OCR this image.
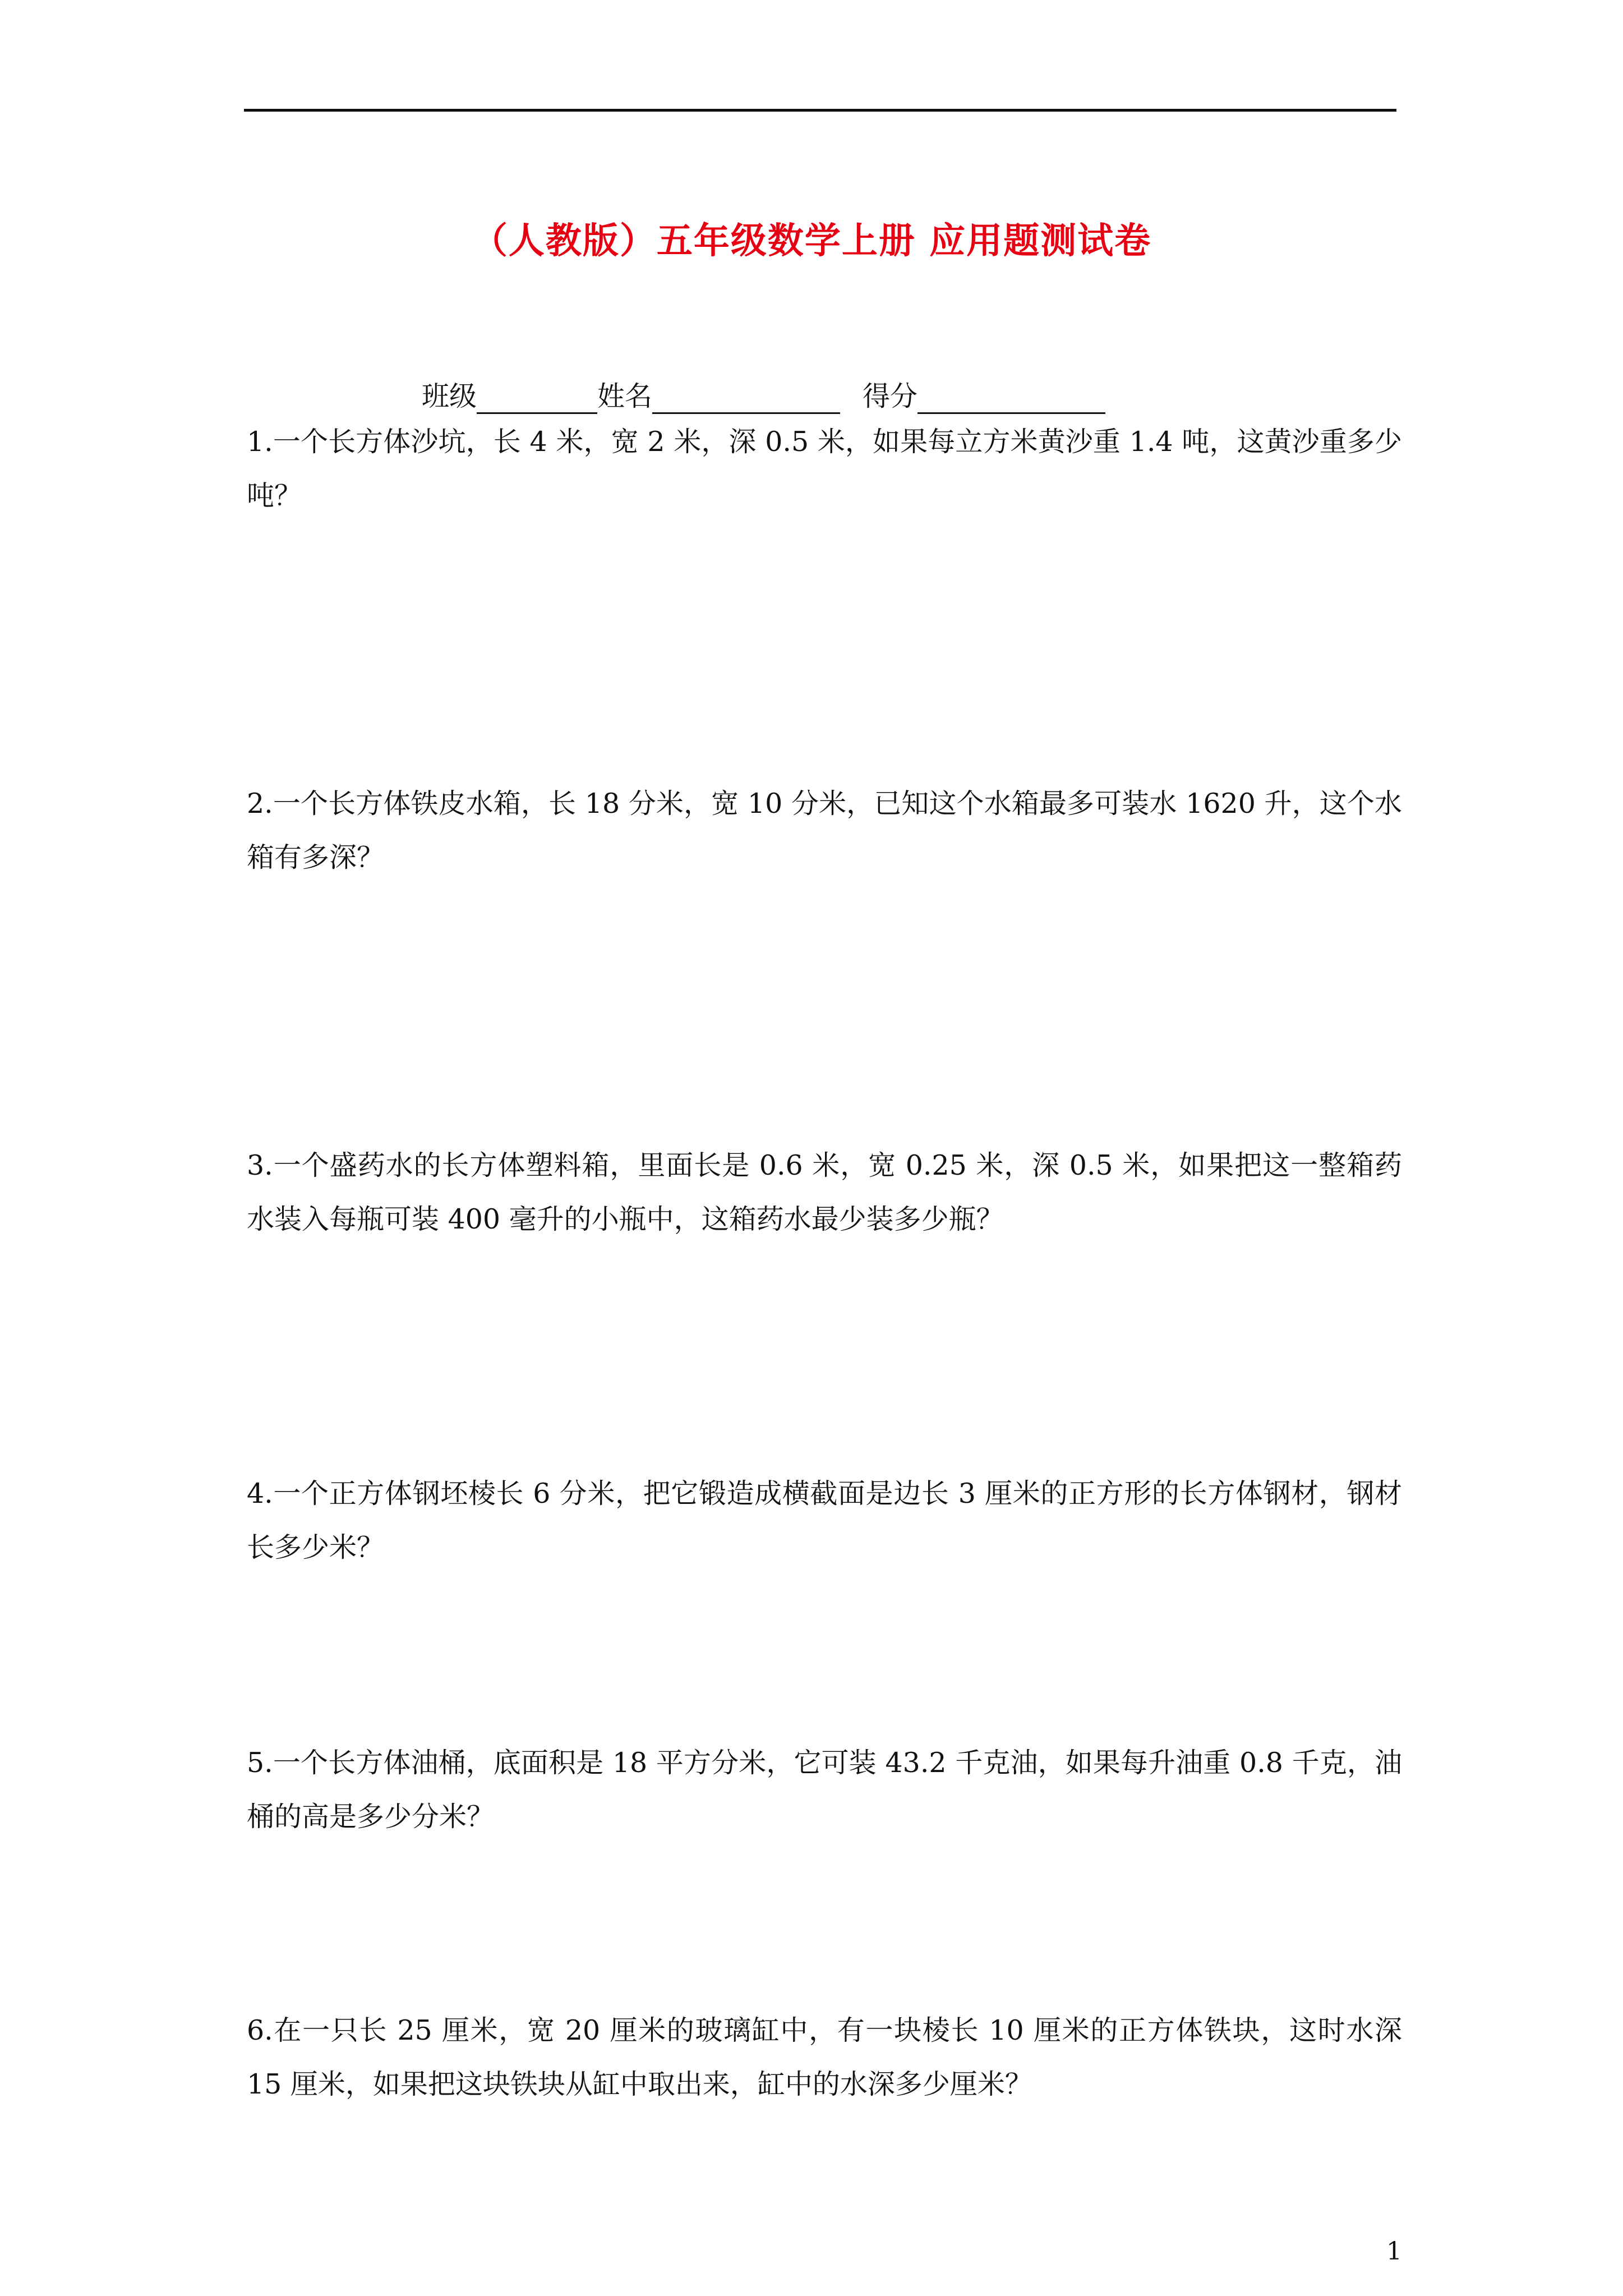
（人教版）五年级数学上册 应用题测试卷
班级	姓名	得分

1.一个长方体沙坑，长 4 米，宽 2 米，深 0.5 米，如果每立方米黄沙重 1.4 吨，这黄沙重多少吨？

2.一个长方体铁皮水箱，长 18 分米，宽 10 分米，已知这个水箱最多可装水 1620 升，这个水箱有多深？

3.一个盛药水的长方体塑料箱，里面长是 0.6 米，宽 0.25 米，深 0.5 米，如果把这一整箱药水装入每瓶可装 400 毫升的小瓶中，这箱药水最少装多少瓶？

4.一个正方体钢坯棱长 6 分米，把它锻造成横截面是边长 3 厘米的正方形的长方体钢材，钢材长多少米？

5.一个长方体油桶，底面积是 18 平方分米，它可装 43.2 千克油，如果每升油重 0.8 千克，油桶的高是多少分米？

6.在一只长 25 厘米，宽 20 厘米的玻璃缸中，有一块棱长 10 厘米的正方体铁块，这时水深 15 厘米，如果把这块铁块从缸中取出来，缸中的水深多少厘米？

1
